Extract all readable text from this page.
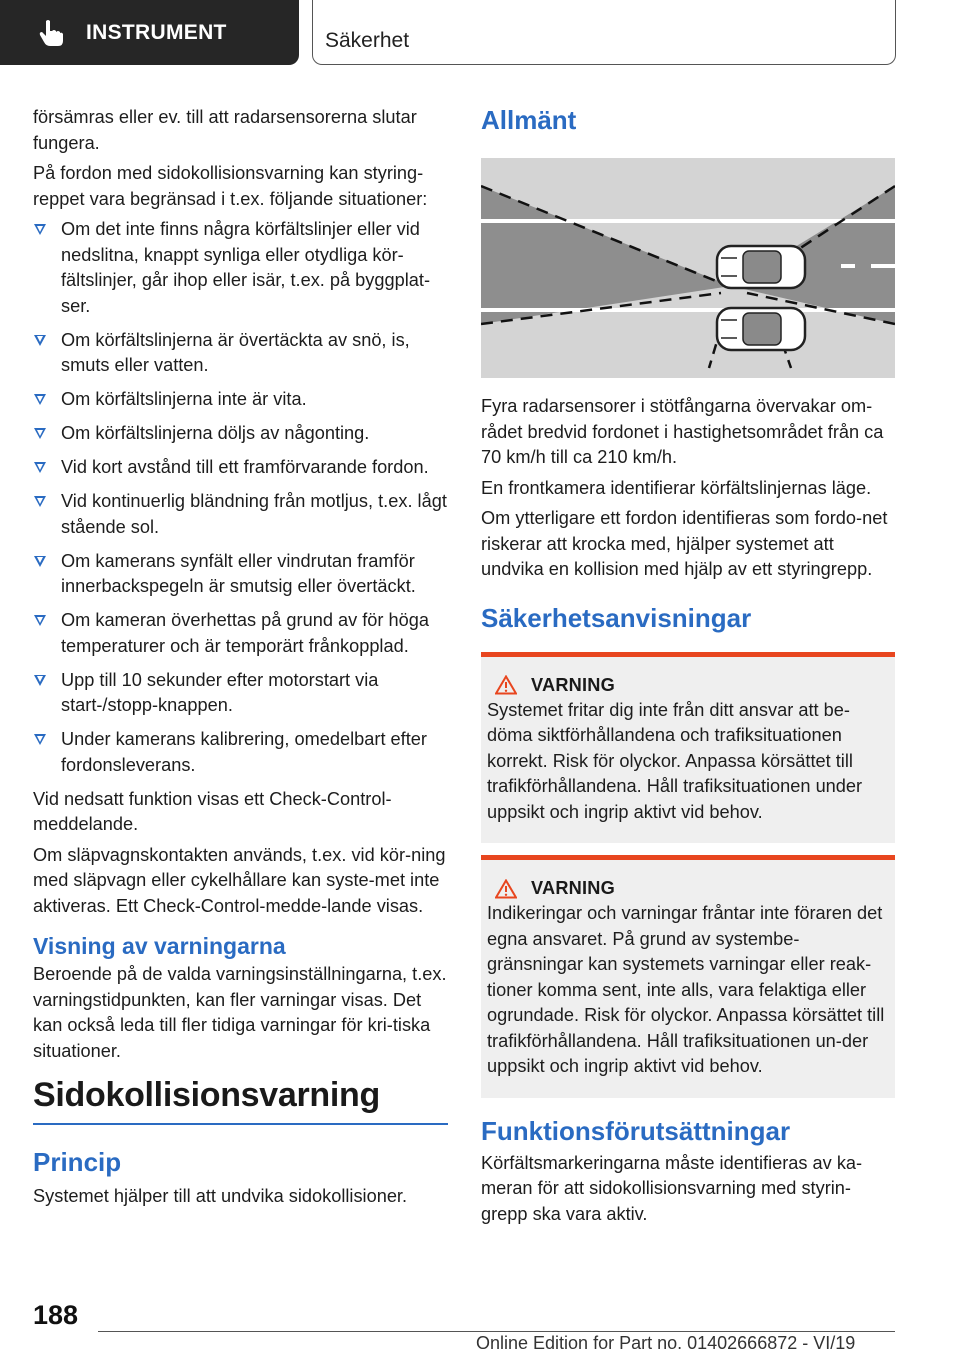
INSTRUMENT	Säkerhet

försämras eller ev. till att radarsensorerna slutar fungera.

På fordon med sidokollisionsvarning kan styring-reppet vara begränsad i t.ex. följande situationer:

Om det inte finns några körfältslinjer eller vid nedslitna, knappt synliga eller otydliga kör-fältslinjer, går ihop eller isär, t.ex. på byggplat-ser.
Om körfältslinjerna är övertäckta av snö, is, smuts eller vatten.
Om körfältslinjerna inte är vita.
Om körfältslinjerna döljs av någonting.
Vid kort avstånd till ett framförvarande fordon.
Vid kontinuerlig bländning från motljus, t.ex. lågt stående sol.
Om kamerans synfält eller vindrutan framför innerbackspegeln är smutsig eller övertäckt.
Om kameran överhettas på grund av för höga temperaturer och är temporärt frånkopplad.
Upp till 10 sekunder efter motorstart via start-/stopp-knappen.
Under kamerans kalibrering, omedelbart efter fordonsleverans.

Vid nedsatt funktion visas ett Check-Control-meddelande.

Om släpvagnskontakten används, t.ex. vid kör-ning med släpvagn eller cykelhållare kan syste-met inte aktiveras. Ett Check-Control-medde-lande visas.

Visning av varningarna

Beroende på de valda varningsinställningarna, t.ex. varningstidpunkten, kan fler varningar visas. Det kan också leda till fler tidiga varningar för kri-tiska situationer.

Sidokollisionsvarning
Princip

Systemet hjälper till att undvika sidokollisioner.

Allmänt

Fyra radarsensorer i stötfångarna övervakar om-rådet bredvid fordonet i hastighetsområdet från ca 70 km/h till ca 210 km/h.

En frontkamera identifierar körfältslinjernas läge.

Om ytterligare ett fordon identifieras som fordo-net riskerar att krocka med, hjälper systemet att undvika en kollision med hjälp av ett styringrepp.

Säkerhetsanvisningar
VARNING

Systemet fritar dig inte från ditt ansvar att be-döma siktförhållandena och trafiksituationen korrekt. Risk för olyckor. Anpassa körsättet till trafikförhållandena. Håll trafiksituationen under uppsikt och ingrip aktivt vid behov.

VARNING

Indikeringar och varningar fråntar inte föraren det egna ansvaret. På grund av systembe-gränsningar kan systemets varningar eller reak-tioner komma sent, inte alls, vara felaktiga eller ogrundade. Risk för olyckor. Anpassa körsättet till trafikförhållandena. Håll trafiksituationen un-der uppsikt och ingrip aktivt vid behov.

Funktionsförutsättningar

Körfältsmarkeringarna måste identifieras av ka-meran för att sidokollisionsvarning med styrin-grepp ska vara aktiv.

188
Online Edition for Part no. 01402666872 - VI/19
